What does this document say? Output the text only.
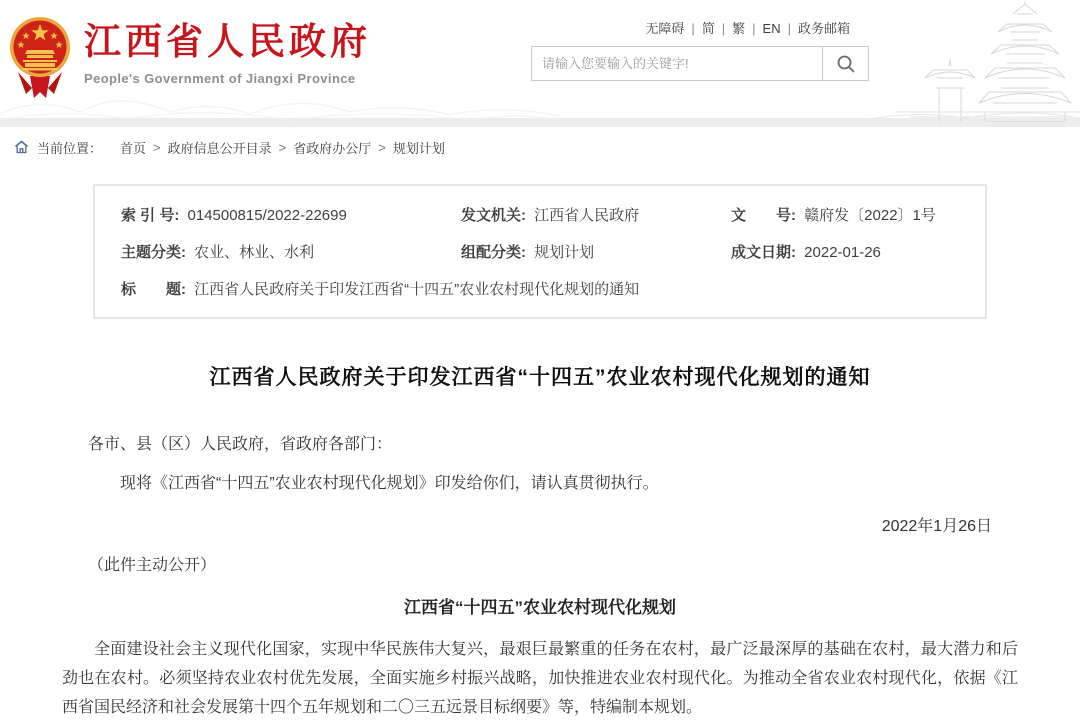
江西省人民政府
People's Government of Jiangxi Province
无障碍 | 简 | 繁 | EN | 政务邮箱
请输入您要输入的关键字!
当前位置： 首页 > 政府信息公开目录 > 省政府办公厅 > 规划计划
索 引 号: 014500815/2022-22699	发文机关: 江西省人民政府	文　　号: 赣府发〔2022〕1号
主题分类: 农业、林业、水利	组配分类: 规划计划	成文日期: 2022-01-26
标　　题: 江西省人民政府关于印发江西省“十四五”农业农村现代化规划的通知
江西省人民政府关于印发江西省“十四五”农业农村现代化规划的通知

各市、县（区）人民政府，省政府各部门：

现将《江西省“十四五”农业农村现代化规划》印发给你们，请认真贯彻执行。

2022年1月26日

（此件主动公开）

江西省“十四五”农业农村现代化规划

全面建设社会主义现代化国家，实现中华民族伟大复兴，最艰巨最繁重的任务在农村，最广泛最深厚的基础在农村，最大潜力和后劲也在农村。必须坚持农业农村优先发展，全面实施乡村振兴战略，加快推进农业农村现代化。为推动全省农业农村现代化，依据《江西省国民经济和社会发展第十四个五年规划和二〇三五远景目标纲要》等，特编制本规划。
